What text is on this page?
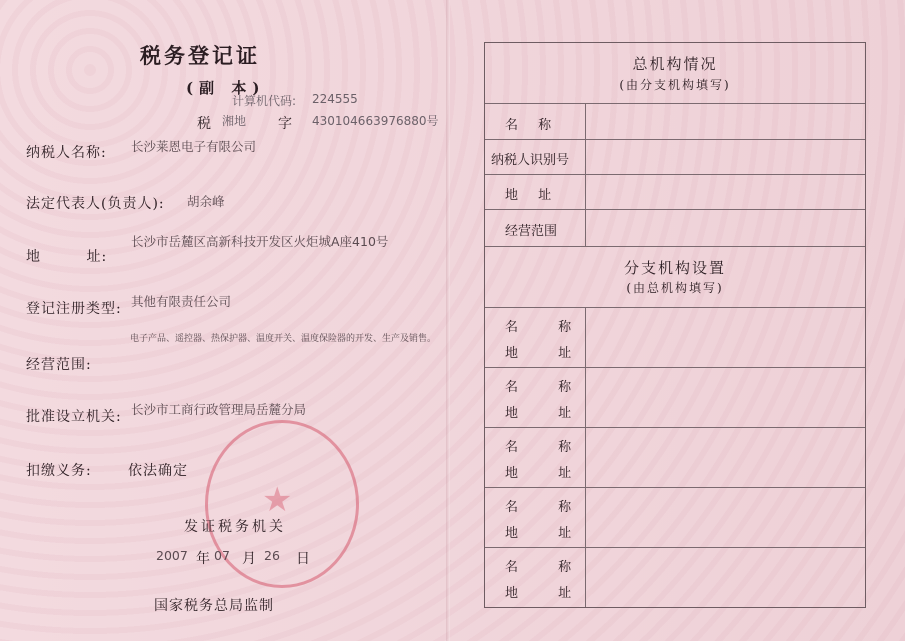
税务登记证
(副 本)
计算机代码: 224555
税 湘地 字 430104663976880号
纳税人名称: 长沙莱恩电子有限公司
法定代表人(负责人): 胡余峰
地 址:
长沙市岳麓区高新科技开发区火炬城A座410号
登记注册类型: 其他有限责任公司
经营范围:
电子产品、遥控器、热保护器、温度开关、温度保险器的开发、生产及销售。
批准设立机关: 长沙市工商行政管理局岳麓分局
扣缴义务:	依法确定
★
发证税务机关
2007 年 07 月 26 日
国家税务总局监制
总机构情况
(由分支机构填写)
名 称
纳税人识别号
地 址
经营范围
分支机构设置
(由总机构填写)
名 称
地 址
名 称
地 址
名 称
地 址
名 称
地 址
名 称
地 址
